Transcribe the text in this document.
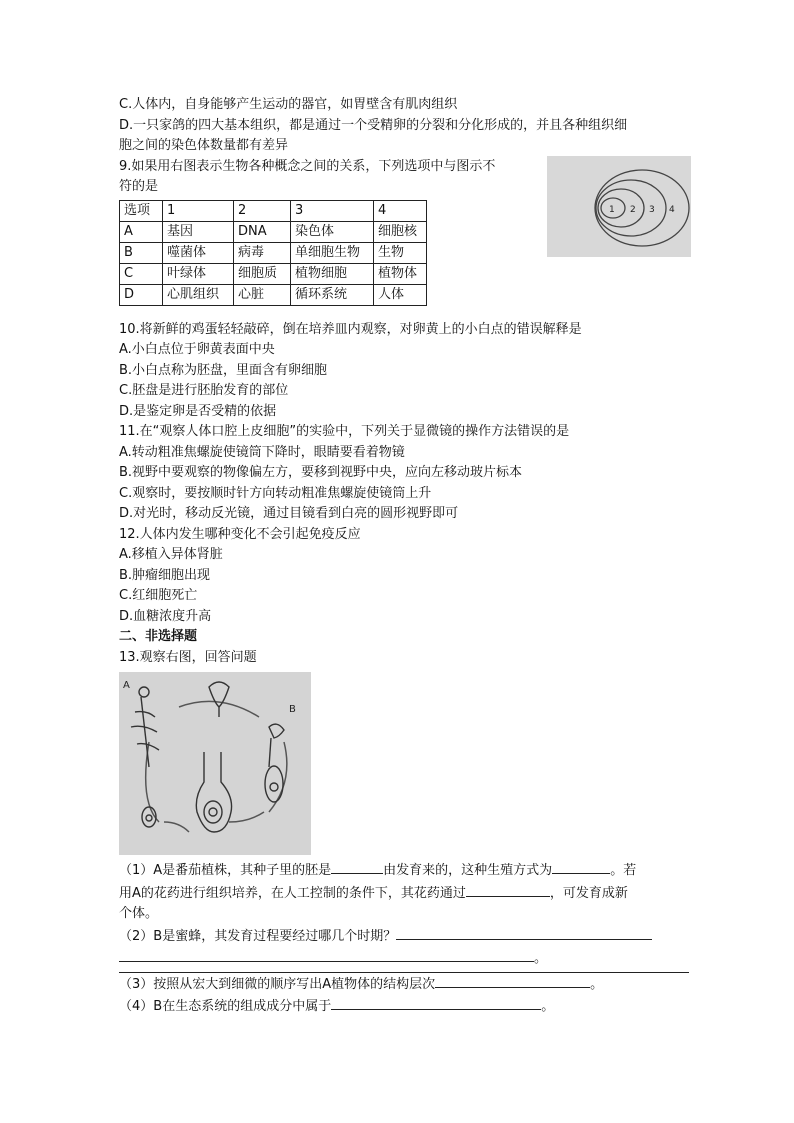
C.人体内，自身能够产生运动的器官，如胃壁含有肌肉组织
D.一只家鸽的四大基本组织，都是通过一个受精卵的分裂和分化形成的，并且各种组织细
胞之间的染色体数量都有差异
9.如果用右图表示生物各种概念之间的关系，下列选项中与图示不
符的是
选项	1	2	3	4
A	基因	DNA	染色体	细胞核
B	噬菌体	病毒	单细胞生物	生物
C	叶绿体	细胞质	植物细胞	植物体
D	心肌组织	心脏	循环系统	人体
10.将新鲜的鸡蛋轻轻敲碎，倒在培养皿内观察，对卵黄上的小白点的错误解释是
A.小白点位于卵黄表面中央
B.小白点称为胚盘，里面含有卵细胞
C.胚盘是进行胚胎发育的部位
D.是鉴定卵是否受精的依据
11.在“观察人体口腔上皮细胞”的实验中，下列关于显微镜的操作方法错误的是
A.转动粗准焦螺旋使镜筒下降时，眼睛要看着物镜
B.视野中要观察的物像偏左方，要移到视野中央，应向左移动玻片标本
C.观察时，要按顺时针方向转动粗准焦螺旋使镜筒上升
D.对光时，移动反光镜，通过目镜看到白亮的圆形视野即可
12.人体内发生哪种变化不会引起免疫反应
A.移植入异体肾脏
B.肿瘤细胞出现
C.红细胞死亡
D.血糖浓度升高
二、非选择题
13.观察右图，回答问题
A
B
（1）A是番茄植株，其种子里的胚是	由发育来的，这种生殖方式为	。若
用A的花药进行组织培养，在人工控制的条件下，其花药通过	，可发育成新
个体。
（2）B是蜜蜂，其发育过程要经过哪几个时期？
。
（3）按照从宏大到细微的顺序写出A植物体的结构层次	。
（4）B在生态系统的组成成分中属于	。
1 2 3 4
